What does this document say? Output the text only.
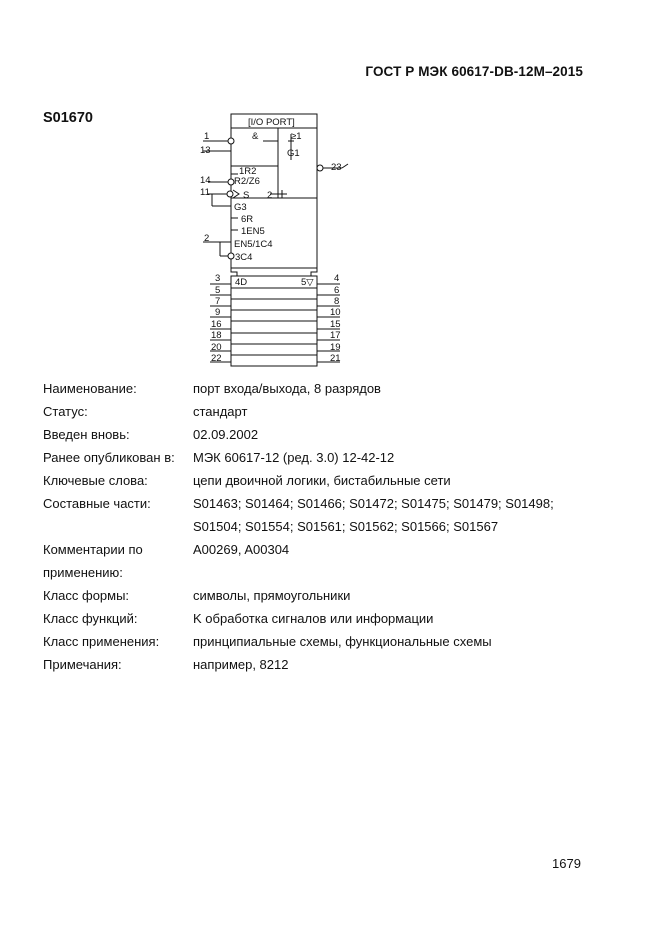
ГОСТ Р МЭК 60617-DB-12M–2015
S01670	[I/O PORT]
&	≥1
G1
1R2
R2/Z6
S 2
G3
6R
1EN5
EN5/1C4
3C4
4D	5▽
1
13
14
11
2
23
3	4
5
7
9
16
18
20
22
6
8
10
15
17
19
21
Наименование:	порт входа/выхода, 8 разрядов
Статус:	стандарт
Введен вновь:	02.09.2002
Ранее опубликован в:	МЭК 60617-12 (ред. 3.0) 12-42-12
Ключевые слова:	цепи двоичной логики, бистабильные сети
Составные части:	S01463; S01464; S01466; S01472; S01475; S01479; S01498;
S01504; S01554; S01561; S01562; S01566; S01567
Комментарии по	A00269, A00304
применению:
Класс формы:	символы, прямоугольники
Класс функций:	K обработка сигналов или информации
Класс применения:	принципиальные схемы, функциональные схемы
Примечания:	например, 8212
1679
